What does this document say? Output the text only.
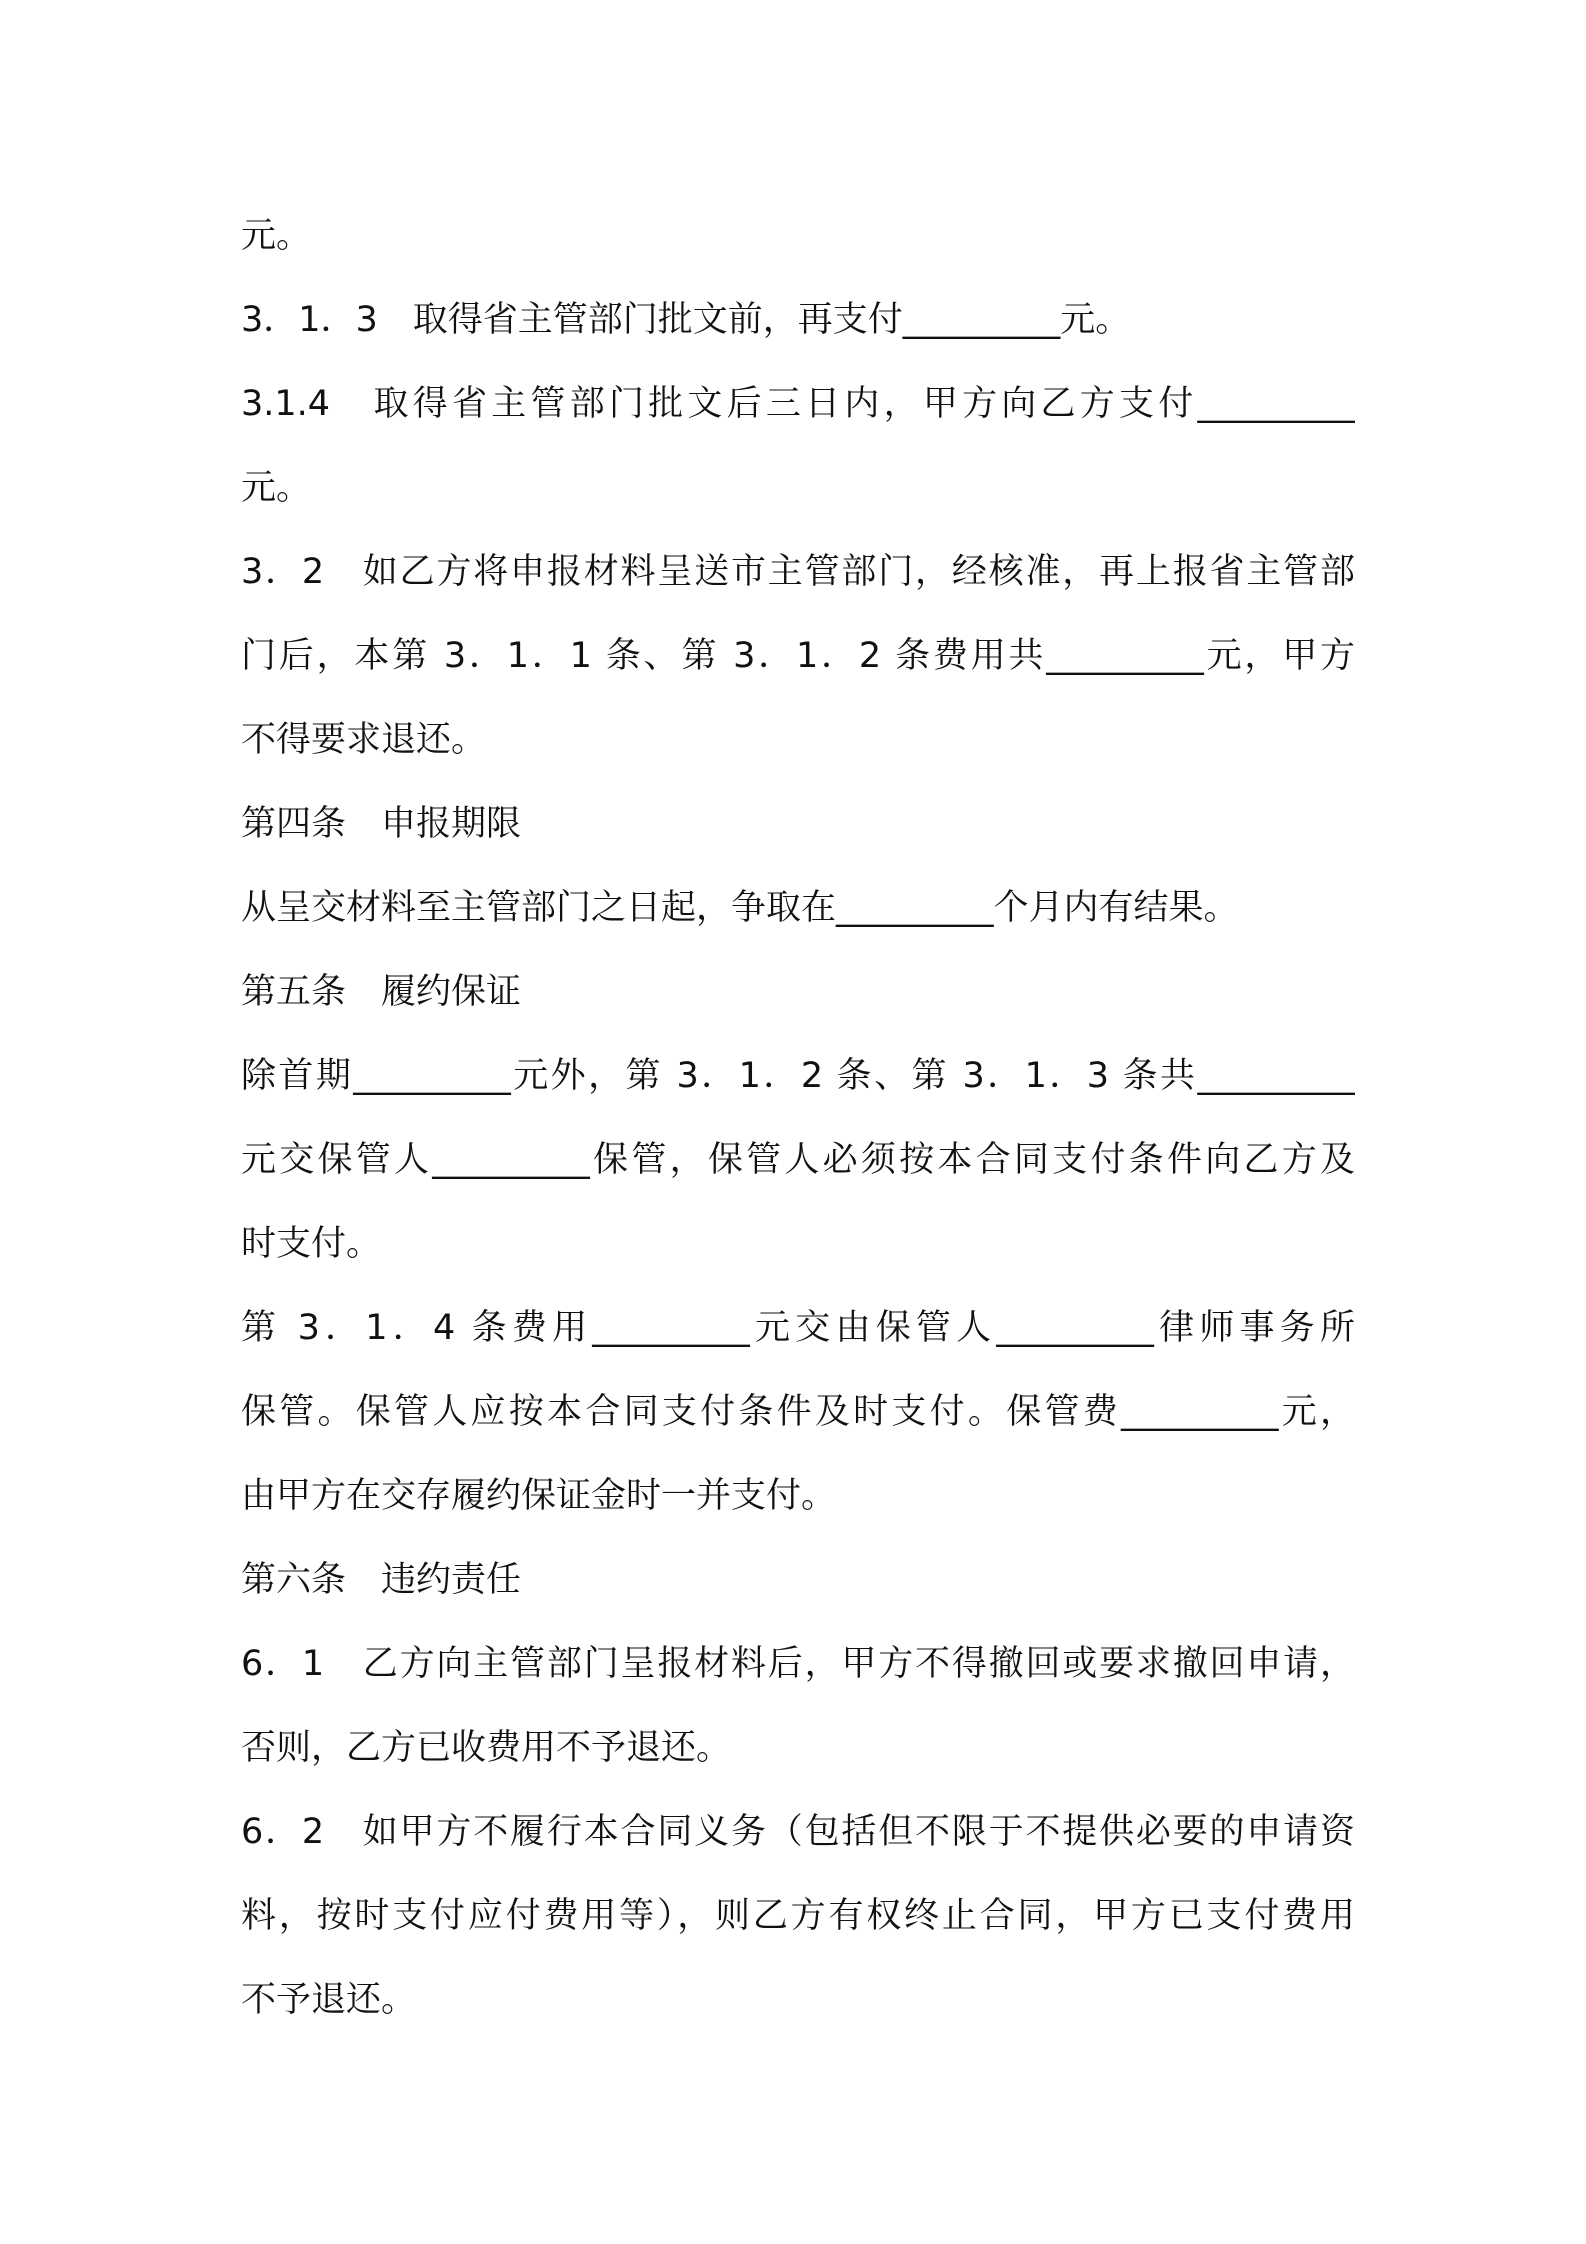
元。
3．1．3　取得省主管部门批文前，再支付_________元。
3.1.4　取得省主管部门批文后三日内，甲方向乙方支付_________
元。
3．2　如乙方将申报材料呈送市主管部门，经核准，再上报省主管部
门后，本第 3．1．1 条、第 3．1．2 条费用共_________元，甲方
不得要求退还。
第四条　申报期限
从呈交材料至主管部门之日起，争取在_________个月内有结果。
第五条　履约保证
除首期_________元外，第 3．1．2 条、第 3．1．3 条共_________
元交保管人_________保管，保管人必须按本合同支付条件向乙方及
时支付。
第 3．1．4 条费用_________元交由保管人_________律师事务所
保管。保管人应按本合同支付条件及时支付。保管费_________元，
由甲方在交存履约保证金时一并支付。
第六条　违约责任
6．1　乙方向主管部门呈报材料后，甲方不得撤回或要求撤回申请，
否则，乙方已收费用不予退还。
6．2　如甲方不履行本合同义务（包括但不限于不提供必要的申请资
料，按时支付应付费用等），则乙方有权终止合同，甲方已支付费用
不予退还。
